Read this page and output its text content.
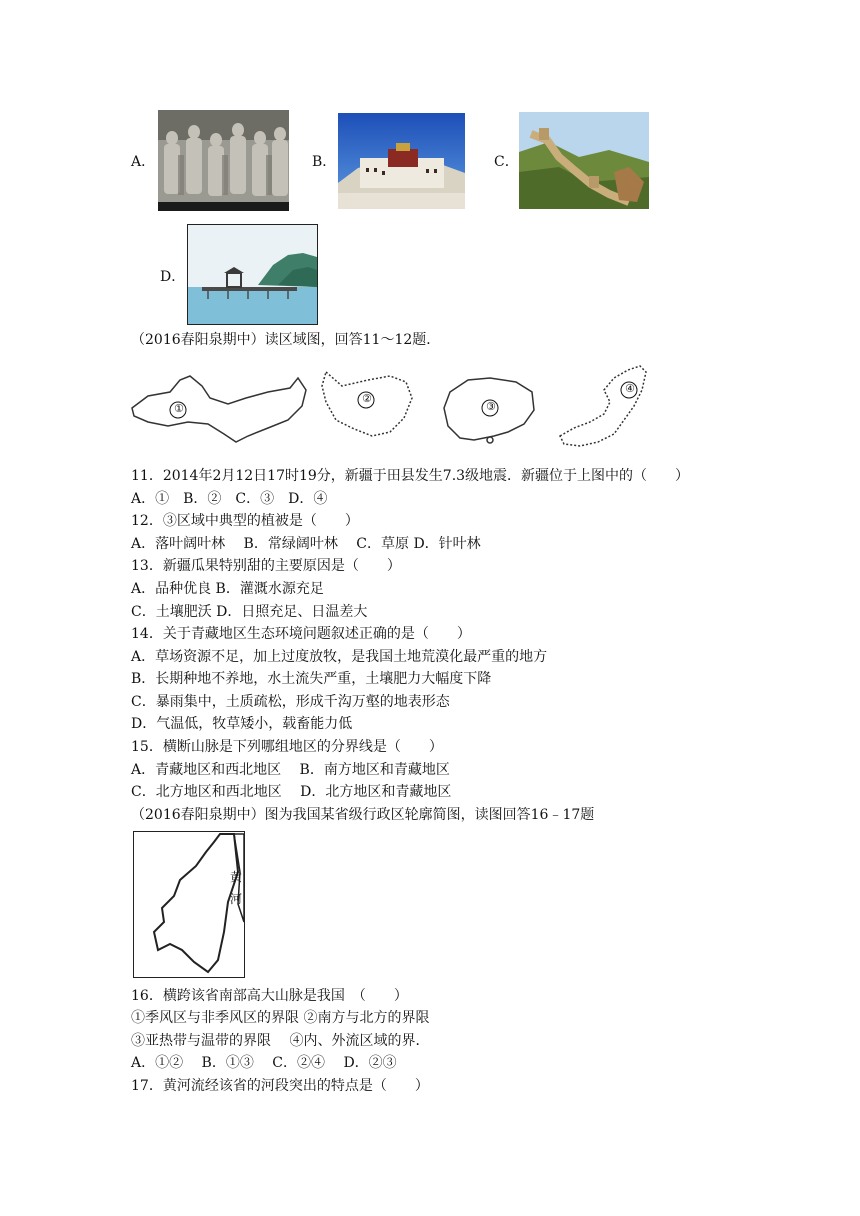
A．	B．	C．
D．
（2016春阳泉期中）读区域图，回答11～12题．
①
②
③
④
11．2014年2月12日17时19分，新疆于田县发生7.3级地震．新疆位于上图中的（　　）
A．①　B．②　C．③　D．④
12．③区域中典型的植被是（　　）
A．落叶阔叶林　 B．常绿阔叶林　 C．草原 D．针叶林
13．新疆瓜果特别甜的主要原因是（　　）
A．品种优良 B．灌溉水源充足
C．土壤肥沃 D．日照充足、日温差大
14．关于青藏地区生态环境问题叙述正确的是（　　）
A．草场资源不足，加上过度放牧，是我国土地荒漠化最严重的地方
B．长期种地不养地，水土流失严重，土壤肥力大幅度下降
C．暴雨集中，土质疏松，形成千沟万壑的地表形态
D．气温低，牧草矮小，载畜能力低
15．横断山脉是下列哪组地区的分界线是（　　）
A．青藏地区和西北地区　 B．南方地区和青藏地区
C．北方地区和西北地区　 D．北方地区和青藏地区
（2016春阳泉期中）图为我国某省级行政区轮廓简图，读图回答16﹣17题
黄
河
16．横跨该省南部高大山脉是我国　（　　）
①季风区与非季风区的界限 ②南方与北方的界限
③亚热带与温带的界限　 ④内、外流区域的界．
A．①②　 B．①③　 C．②④　 D．②③
17．黄河流经该省的河段突出的特点是（　　）
